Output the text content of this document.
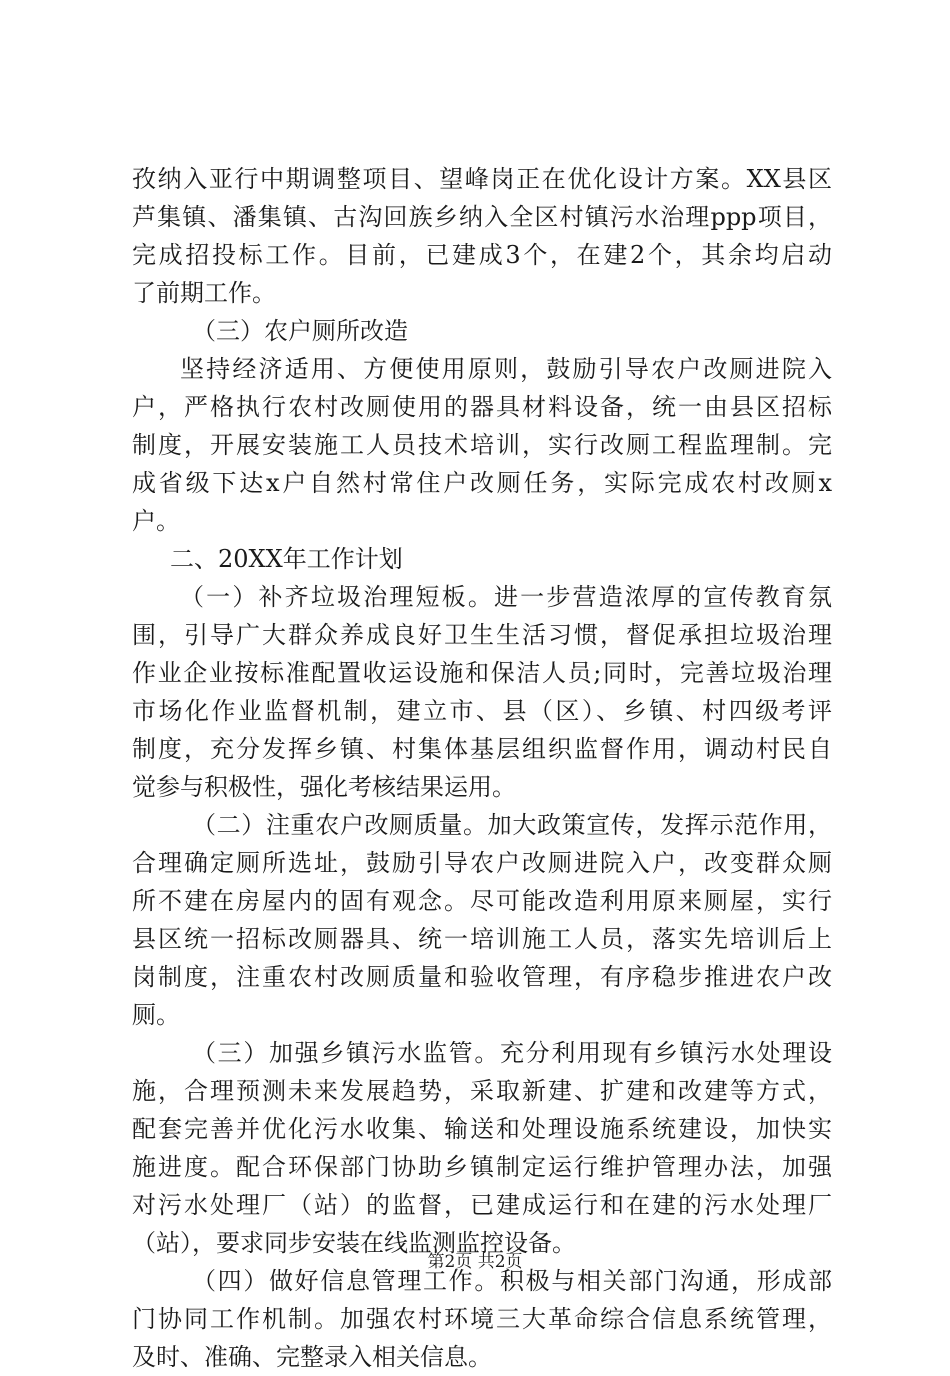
孜纳入亚行中期调整项目、望峰岗正在优化设计方案。XX县区
芦集镇、潘集镇、古沟回族乡纳入全区村镇污水治理ppp项目，
完成招投标工作。目前，已建成3个，在建2个，其余均启动
了前期工作。
（三）农户厕所改造
坚持经济适用、方便使用原则，鼓励引导农户改厕进院入
户，严格执行农村改厕使用的器具材料设备，统一由县区招标
制度，开展安装施工人员技术培训，实行改厕工程监理制。完
成省级下达x户自然村常住户改厕任务，实际完成农村改厕x
户。
二、20XX年工作计划
（一）补齐垃圾治理短板。进一步营造浓厚的宣传教育氛
围，引导广大群众养成良好卫生生活习惯，督促承担垃圾治理
作业企业按标准配置收运设施和保洁人员;同时，完善垃圾治理
市场化作业监督机制，建立市、县（区）、乡镇、村四级考评
制度，充分发挥乡镇、村集体基层组织监督作用，调动村民自
觉参与积极性，强化考核结果运用。
（二）注重农户改厕质量。加大政策宣传，发挥示范作用，
合理确定厕所选址，鼓励引导农户改厕进院入户，改变群众厕
所不建在房屋内的固有观念。尽可能改造利用原来厕屋，实行
县区统一招标改厕器具、统一培训施工人员，落实先培训后上
岗制度，注重农村改厕质量和验收管理，有序稳步推进农户改
厕。
（三）加强乡镇污水监管。充分利用现有乡镇污水处理设
施，合理预测未来发展趋势，采取新建、扩建和改建等方式，
配套完善并优化污水收集、输送和处理设施系统建设，加快实
施进度。配合环保部门协助乡镇制定运行维护管理办法，加强
对污水处理厂（站）的监督，已建成运行和在建的污水处理厂
（站），要求同步安装在线监测监控设备。
（四）做好信息管理工作。积极与相关部门沟通，形成部
门协同工作机制。加强农村环境三大革命综合信息系统管理，
及时、准确、完整录入相关信息。
第2页 共2页
